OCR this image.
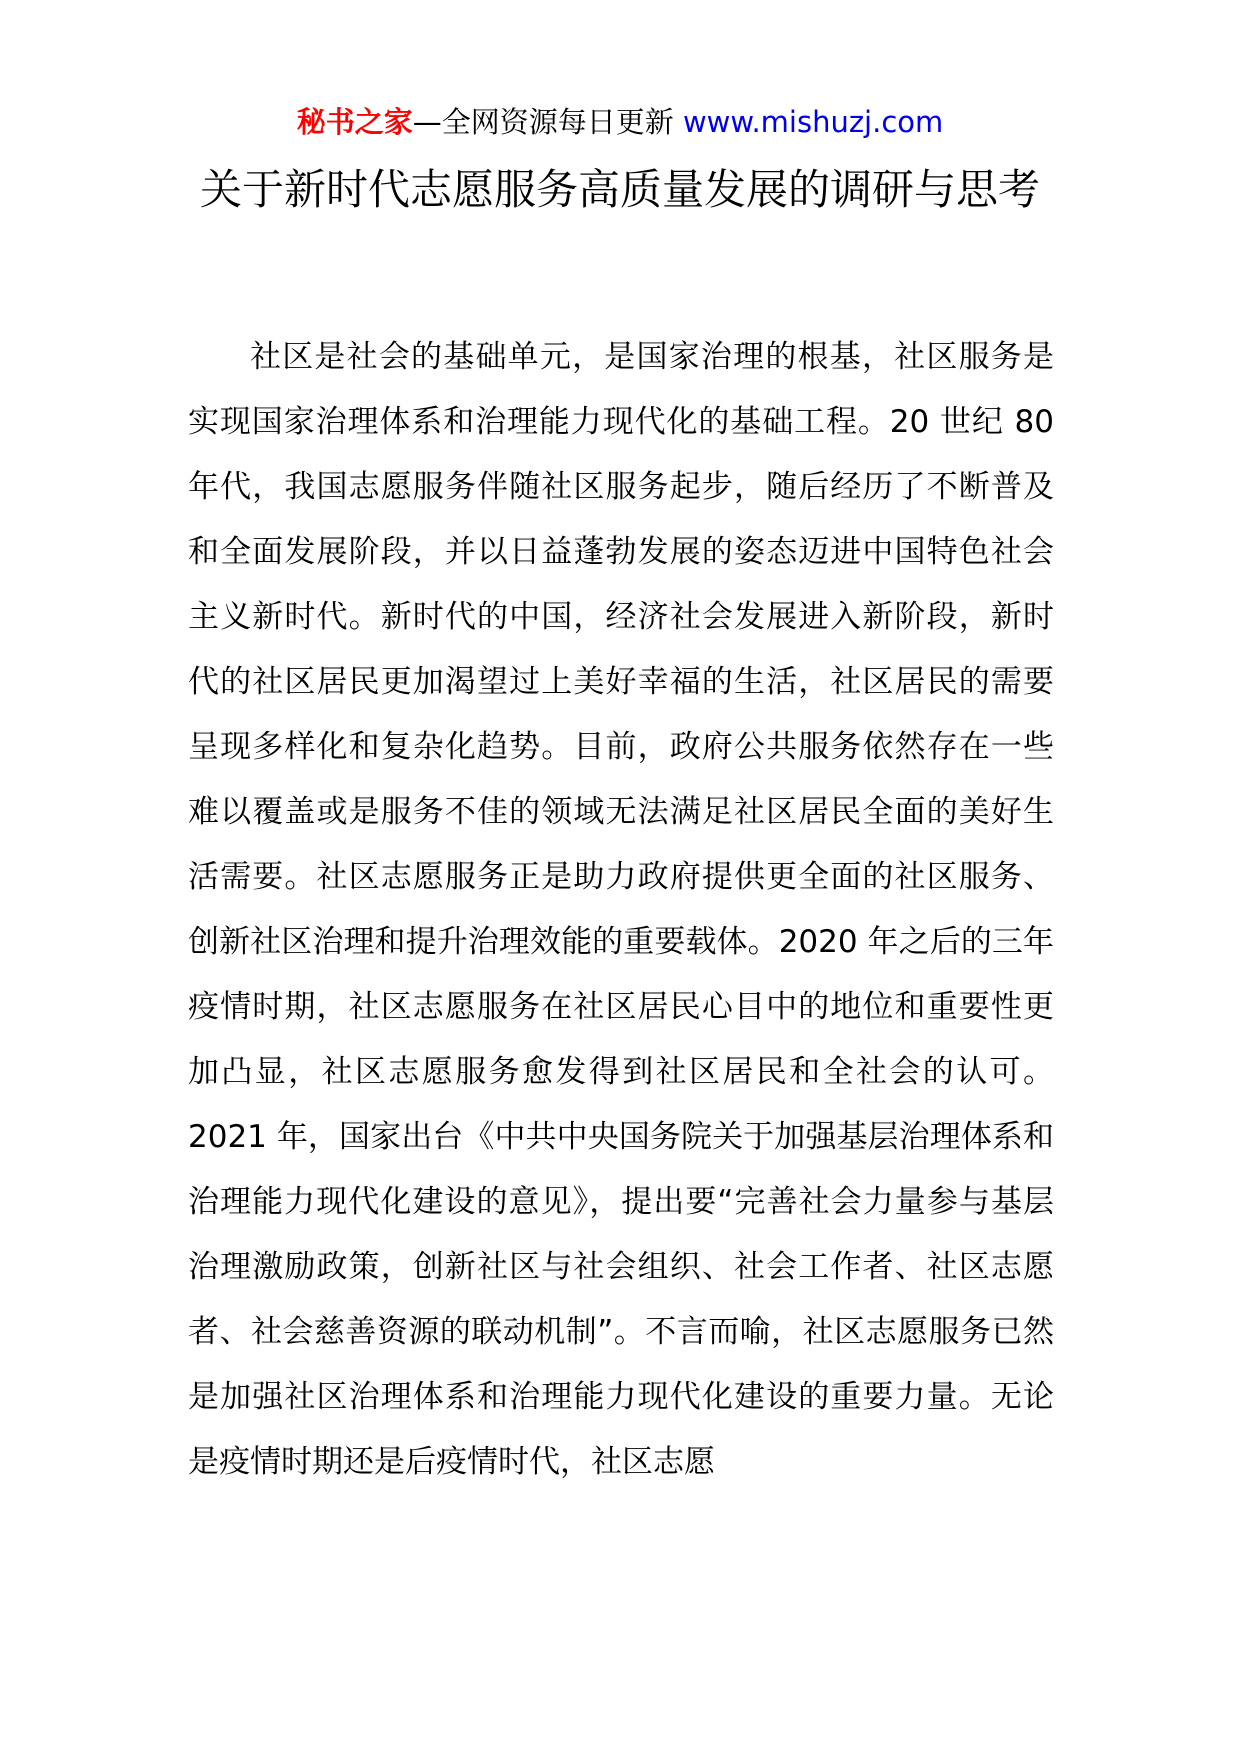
秘书之家—全网资源每日更新 www.mishuzj.com
关于新时代志愿服务高质量发展的调研与思考

社区是社会的基础单元，是国家治理的根基，社区服务是实现国家治理体系和治理能力现代化的基础工程。20 世纪 80 年代，我国志愿服务伴随社区服务起步，随后经历了不断普及和全面发展阶段，并以日益蓬勃发展的姿态迈进中国特色社会主义新时代。新时代的中国，经济社会发展进入新阶段，新时代的社区居民更加渴望过上美好幸福的生活，社区居民的需要呈现多样化和复杂化趋势。目前，政府公共服务依然存在一些难以覆盖或是服务不佳的领域无法满足社区居民全面的美好生活需要。社区志愿服务正是助力政府提供更全面的社区服务、创新社区治理和提升治理效能的重要载体。2020 年之后的三年疫情时期，社区志愿服务在社区居民心目中的地位和重要性更加凸显，社区志愿服务愈发得到社区居民和全社会的认可。2021 年，国家出台《中共中央国务院关于加强基层治理体系和治理能力现代化建设的意见》，提出要“完善社会力量参与基层治理激励政策，创新社区与社会组织、社会工作者、社区志愿者、社会慈善资源的联动机制”。不言而喻，社区志愿服务已然是加强社区治理体系和治理能力现代化建设的重要力量。无论是疫情时期还是后疫情时代，社区志愿
